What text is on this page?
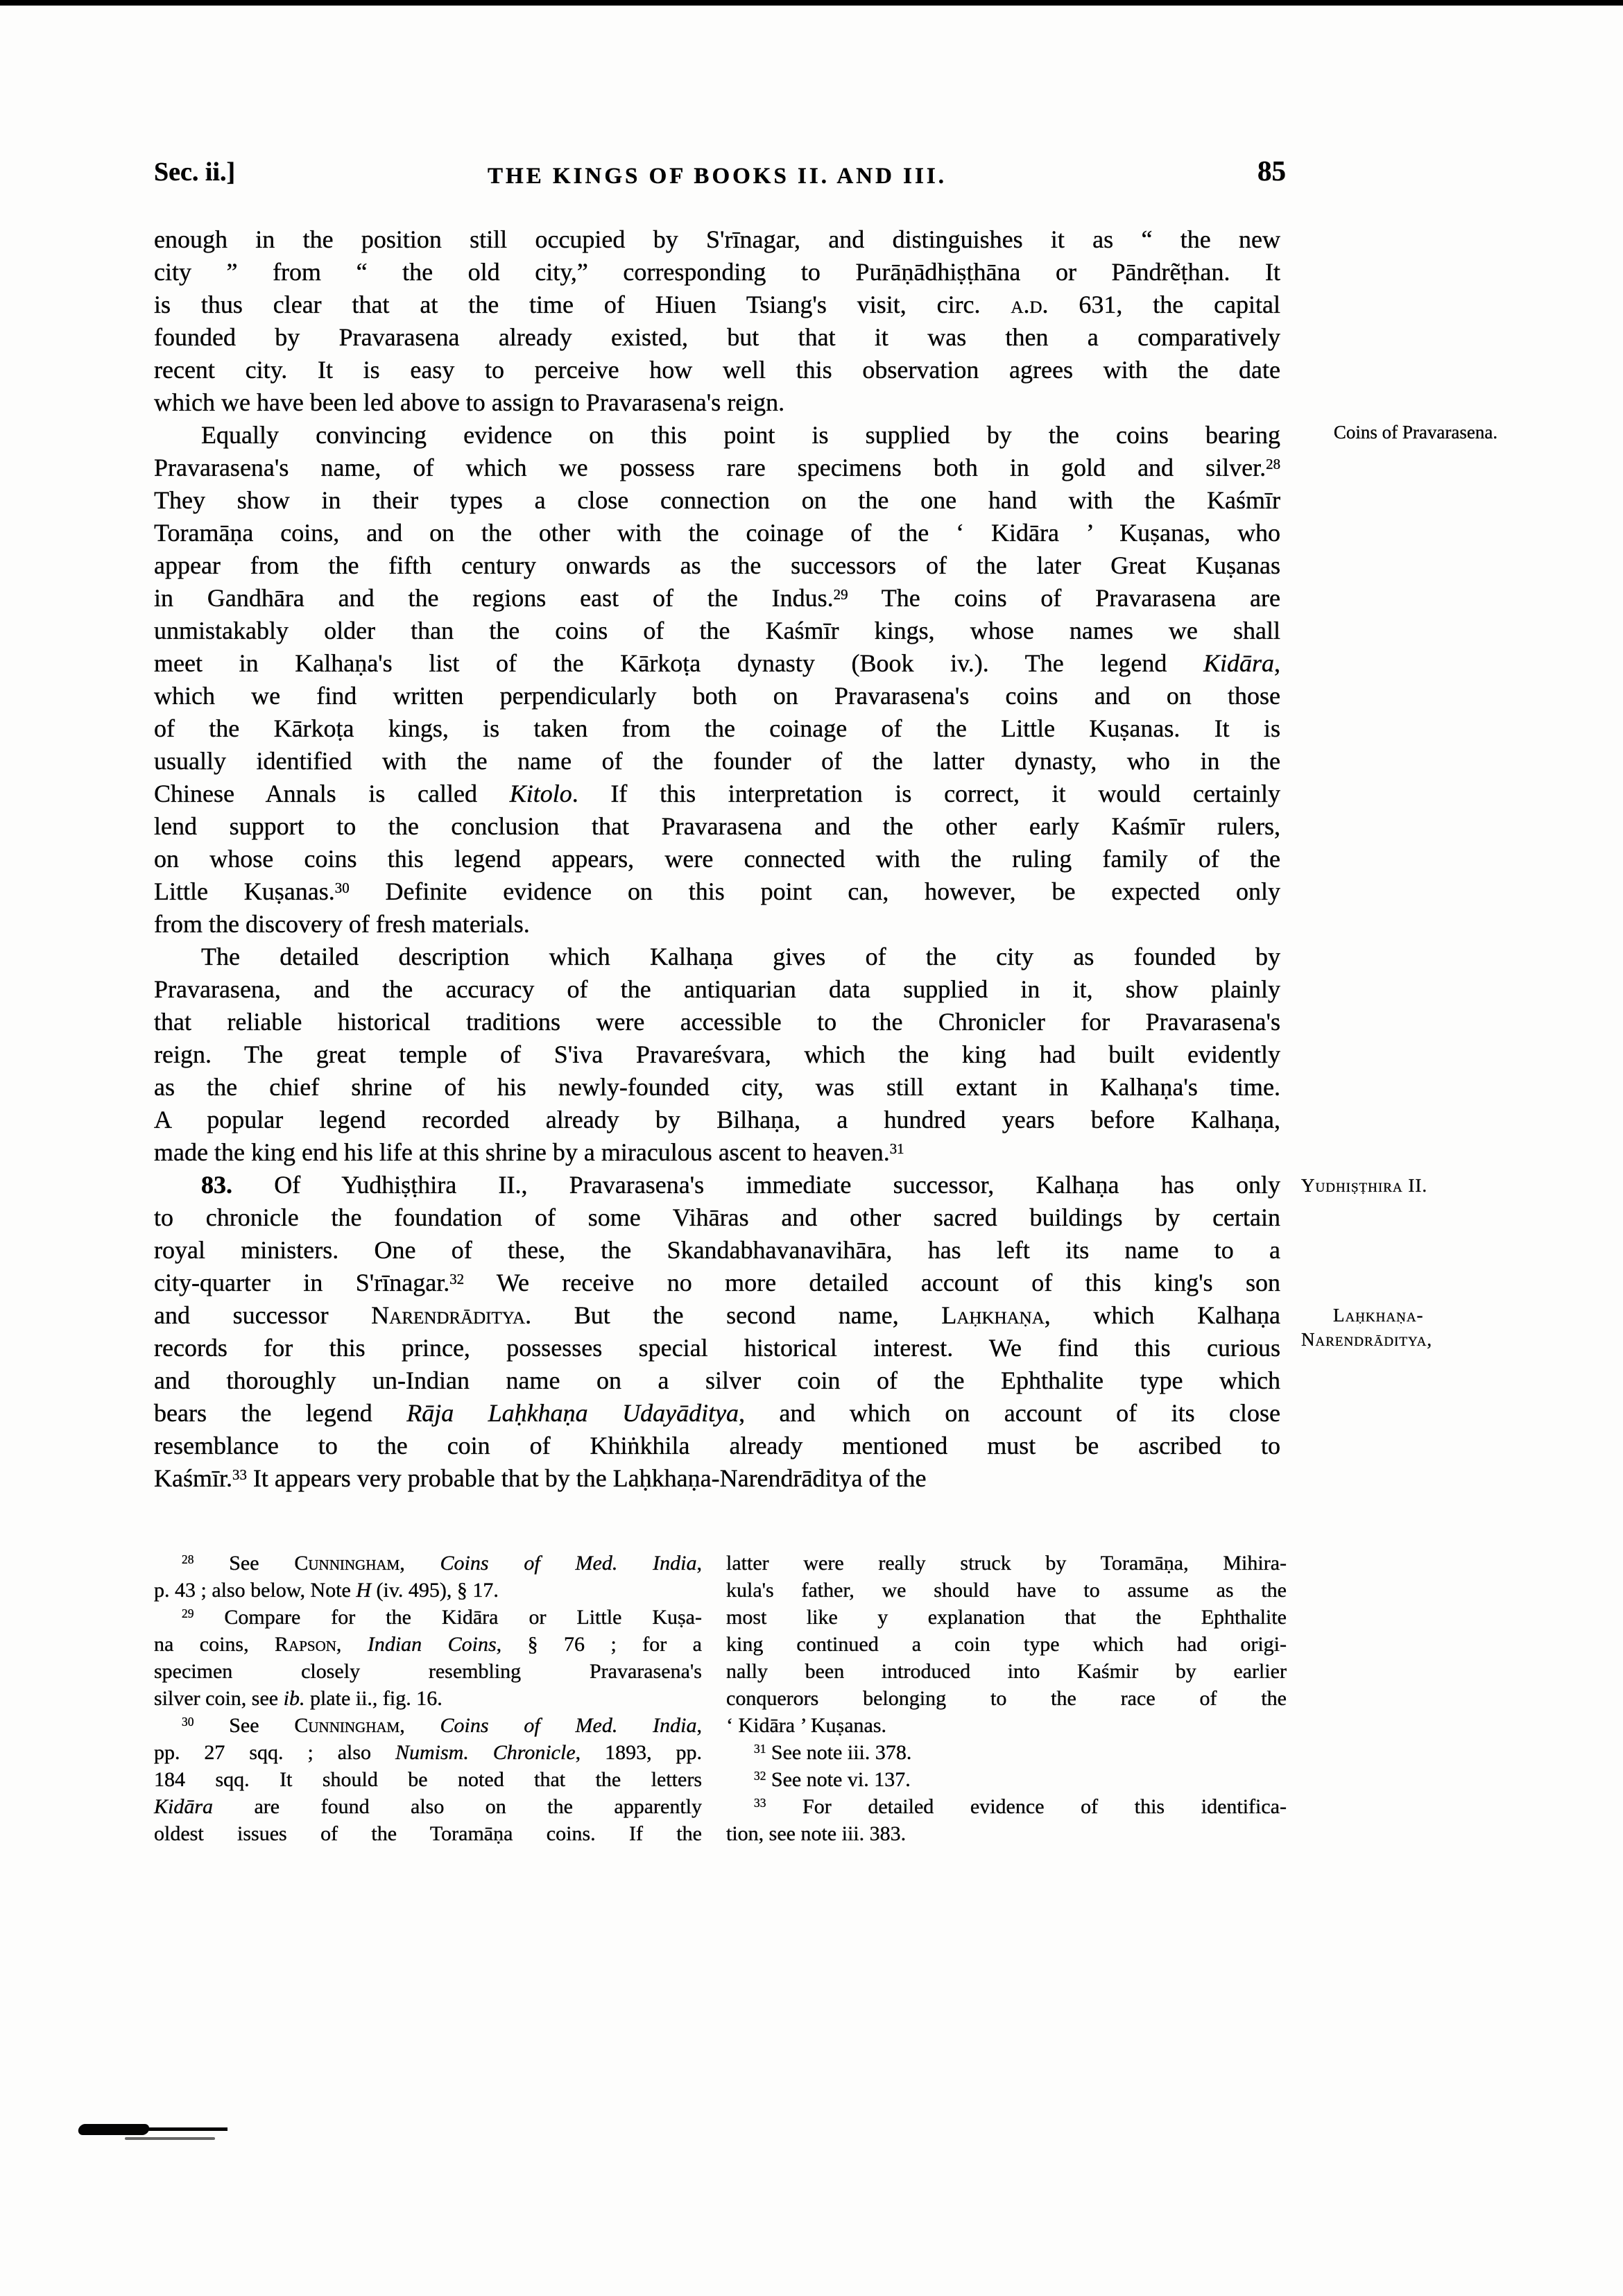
Sec. ii.]	THE KINGS OF BOOKS II. AND III.	85
enough in the position still occupied by S'rīnagar, and distinguishes it as “ the new
city ” from “ the old city,” corresponding to Purāṇādhiṣṭhāna or Pāndrẽṭhan. It
is thus clear that at the time of Hiuen Tsiang's visit, circ. a.d. 631, the capital
founded by Pravarasena already existed, but that it was then a comparatively
recent city. It is easy to perceive how well this observation agrees with the date
which we have been led above to assign to Pravarasena's reign.
Equally convincing evidence on this point is supplied by the coins bearing
Pravarasena's name, of which we possess rare specimens both in gold and silver.$^{28}$
They show in their types a close connection on the one hand with the Kaśmīr
Toramāṇa coins, and on the other with the coinage of the ‘ Kidāra ’ Kuṣanas, who
appear from the fifth century onwards as the successors of the later Great Kuṣanas
in Gandhāra and the regions east of the Indus.$^{29}$ The coins of Pravarasena are
unmistakably older than the coins of the Kaśmīr kings, whose names we shall
meet in Kalhaṇa's list of the Kārkoṭa dynasty (Book iv.). The legend Kidāra,
which we find written perpendicularly both on Pravarasena's coins and on those
of the Kārkoṭa kings, is taken from the coinage of the Little Kuṣanas. It is
usually identified with the name of the founder of the latter dynasty, who in the
Chinese Annals is called Kitolo. If this interpretation is correct, it would certainly
lend support to the conclusion that Pravarasena and the other early Kaśmīr rulers,
on whose coins this legend appears, were connected with the ruling family of the
Little Kuṣanas.$^{30}$ Definite evidence on this point can, however, be expected only
from the discovery of fresh materials.
The detailed description which Kalhaṇa gives of the city as founded by
Pravarasena, and the accuracy of the antiquarian data supplied in it, show plainly
that reliable historical traditions were accessible to the Chronicler for Pravarasena's
reign. The great temple of S'iva Pravareśvara, which the king had built evidently
as the chief shrine of his newly-founded city, was still extant in Kalhaṇa's time.
A popular legend recorded already by Bilhaṇa, a hundred years before Kalhaṇa,
made the king end his life at this shrine by a miraculous ascent to heaven.$^{31}$
83. Of Yudhiṣṭhira II., Pravarasena's immediate successor, Kalhaṇa has only
to chronicle the foundation of some Vihāras and other sacred buildings by certain
royal ministers. One of these, the Skandabhavanavihāra, has left its name to a
city-quarter in S'rīnagar.$^{32}$ We receive no more detailed account of this king's son
and successor Narendrāditya. But the second name, Laḥkhaṇa, which Kalhaṇa
records for this prince, possesses special historical interest. We find this curious
and thoroughly un-Indian name on a silver coin of the Ephthalite type which
bears the legend Rāja Laḥkhaṇa Udayāditya, and which on account of its close
resemblance to the coin of Khiṅkhila already mentioned must be ascribed to
Kaśmīr.$^{33}$ It appears very probable that by the Laḥkhaṇa-Narendrāditya of the
Coins of Pravarasena.
Yudhiṣṭhira II.
Laḥkhaṇa-Narendrāditya,
$^{28}$ See Cunningham, Coins of Med. India,
p. 43 ; also below, Note H (iv. 495), § 17.
$^{29}$ Compare for the Kidāra or Little Kuṣa-
na coins, Rapson, Indian Coins, § 76 ; for a
specimen closely resembling Pravarasena's
silver coin, see ib. plate ii., fig. 16.
$^{30}$ See Cunningham, Coins of Med. India,
pp. 27 sqq. ; also Numism. Chronicle, 1893, pp.
184 sqq. It should be noted that the letters
Kidāra are found also on the apparently
oldest issues of the Toramāṇa coins. If the
latter were really struck by Toramāṇa, Mihira-
kula's father, we should have to assume as the
most like y explanation that the Ephthalite
king continued a coin type which had origi-
nally been introduced into Kaśmir by earlier
conquerors belonging to the race of the
‘ Kidāra ’ Kuṣanas.
$^{31}$ See note iii. 378.
$^{32}$ See note vi. 137.
$^{33}$ For detailed evidence of this identifica-
tion, see note iii. 383.
